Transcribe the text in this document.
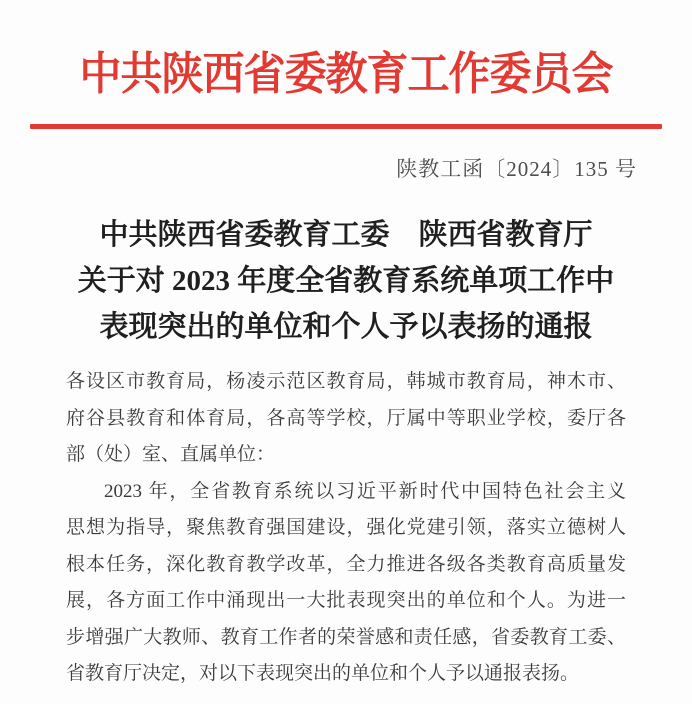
中共陕西省委教育工作委员会
陕教工函〔2024〕135 号
中共陕西省委教育工委　陕西省教育厅
关于对 2023 年度全省教育系统单项工作中
表现突出的单位和个人予以表扬的通报
各设区市教育局，杨凌示范区教育局，韩城市教育局，神木市、
府谷县教育和体育局，各高等学校，厅属中等职业学校，委厅各
部（处）室、直属单位：
2023 年，全省教育系统以习近平新时代中国特色社会主义
思想为指导，聚焦教育强国建设，强化党建引领，落实立德树人
根本任务，深化教育教学改革，全力推进各级各类教育高质量发
展，各方面工作中涌现出一大批表现突出的单位和个人。为进一
步增强广大教师、教育工作者的荣誉感和责任感，省委教育工委、
省教育厅决定，对以下表现突出的单位和个人予以通报表扬。
